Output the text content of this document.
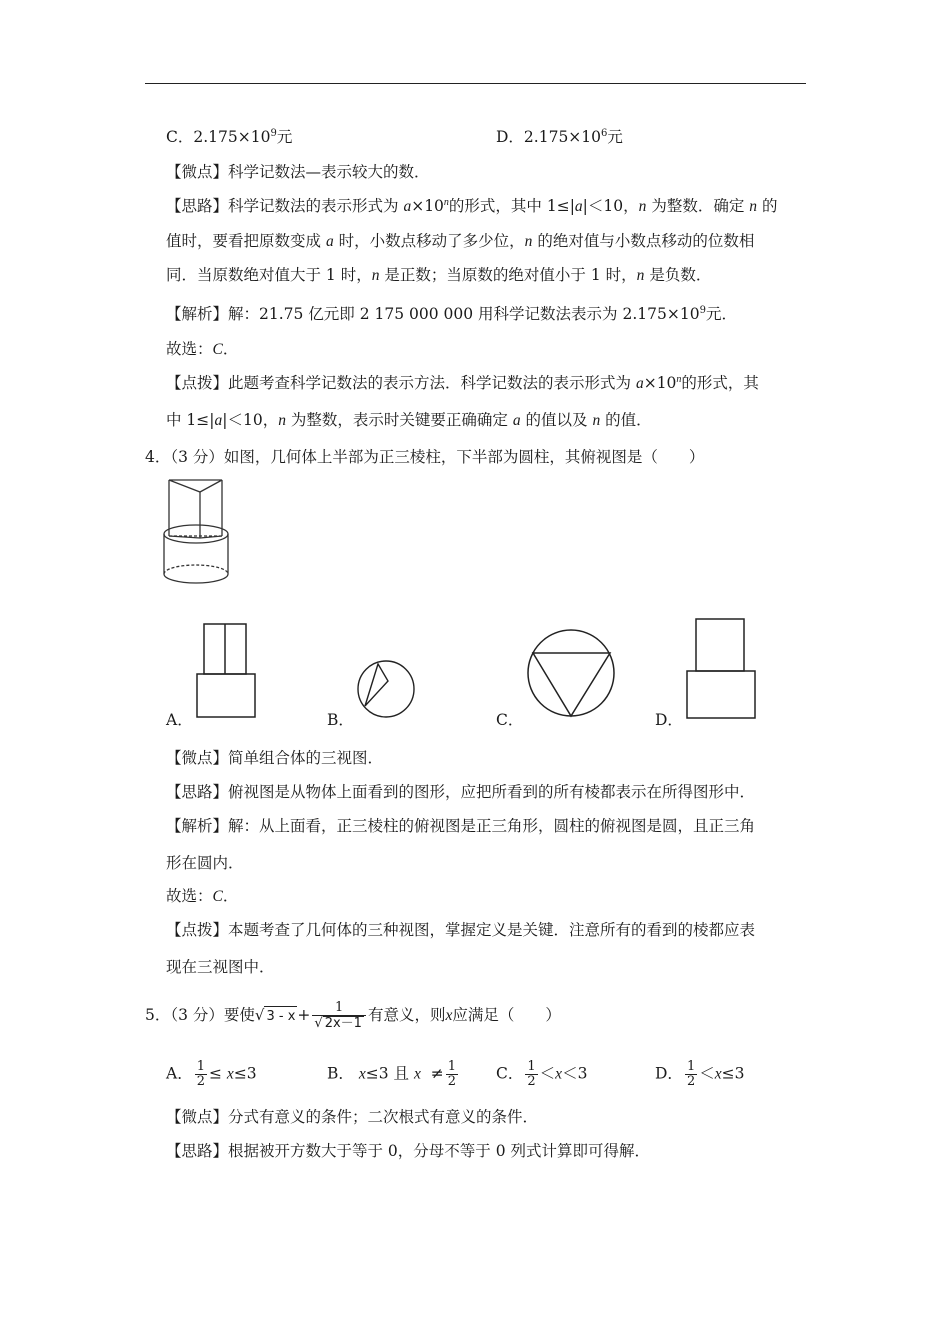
C．$2.175\times 10^9$元	D．$2.175\times 10^6$元
【微点】科学记数法—表示较大的数．
【思路】科学记数法的表示形式为 $a\times 10^n$的形式，其中 1≤|a|＜10，n 为整数．确定 n 的
值时，要看把原数变成 a 时，小数点移动了多少位，n 的绝对值与小数点移动的位数相
同．当原数绝对值大于 1 时，n 是正数；当原数的绝对值小于 1 时，n 是负数．
【解析】解：21.75 亿元即 2 175 000 000 用科学记数法表示为 $2.175\times 10^9$元．
故选：C．
【点拨】此题考查科学记数法的表示方法．科学记数法的表示形式为 $a\times 10^n$的形式，其
中 1≤|a|＜10，n 为整数，表示时关键要正确确定 a 的值以及 n 的值．
4．（3 分）如图，几何体上半部为正三棱柱，下半部为圆柱，其俯视图是（　　）
A．	B．	C．	D．
【微点】简单组合体的三视图．
【思路】俯视图是从物体上面看到的图形，应把所看到的所有棱都表示在所得图形中．
【解析】解：从上面看，正三棱柱的俯视图是正三角形，圆柱的俯视图是圆，且正三角
形在圆内．
故选：C．
【点拨】本题考查了几何体的三种视图，掌握定义是关键．注意所有的看到的棱都应表
现在三视图中．
5．（3 分）要使√ $3 - x + \frac{1}{√ 2x-1}$ 有意义，则x应满足（　　）
A． $\frac{1}{2} \le x\le 3$	B． x≤3 且 $x \ne \frac{1}{2}$ C． $\frac{1}{2} <x<3$	D． $\frac{1}{2} <x\le 3$
【微点】分式有意义的条件；二次根式有意义的条件．
【思路】根据被开方数大于等于 0，分母不等于 0 列式计算即可得解．
